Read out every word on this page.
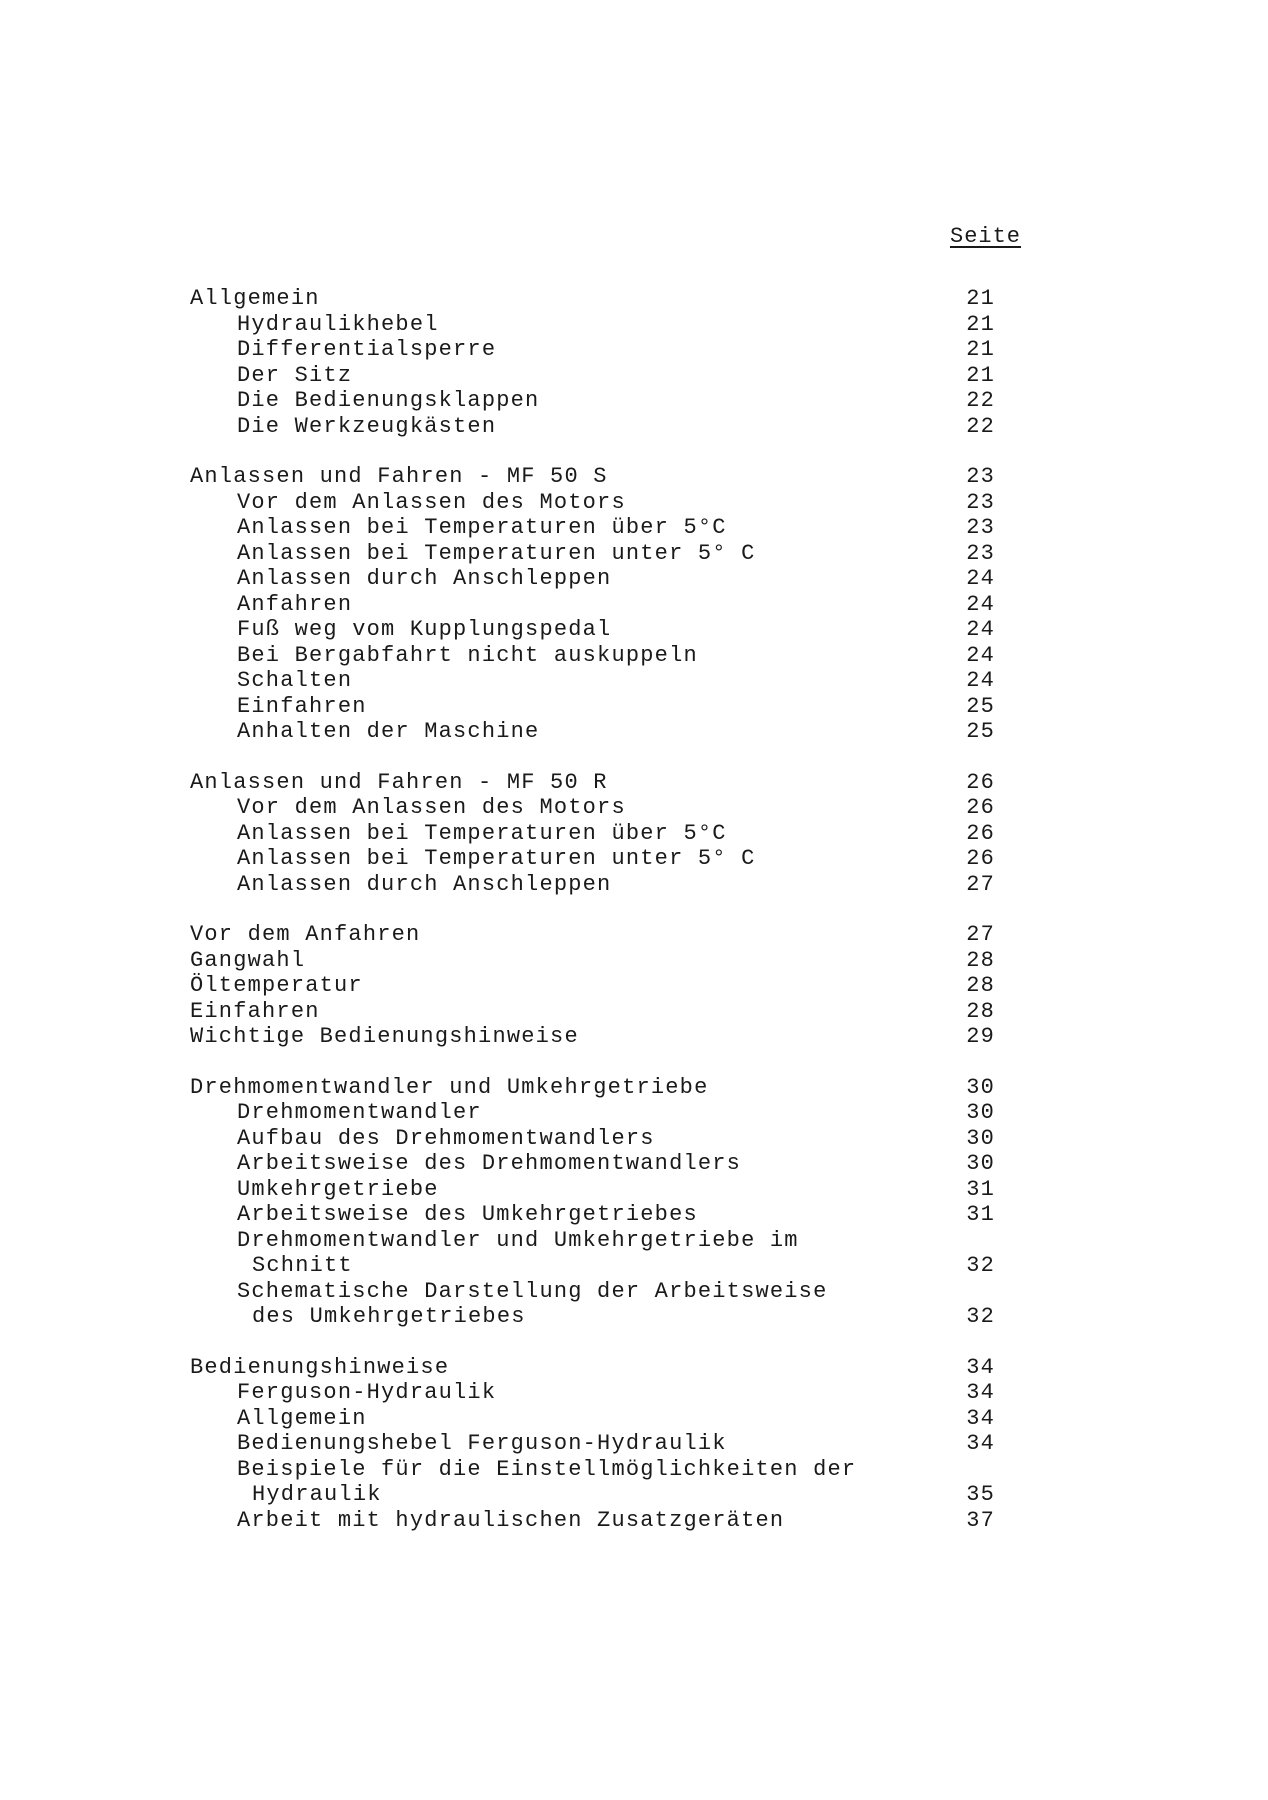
Seite
Allgemein	21
Hydraulikhebel	21
Differentialsperre	21
Der Sitz	21
Die Bedienungsklappen	22
Die Werkzeugkästen	22
Anlassen und Fahren - MF 50 S	23
Vor dem Anlassen des Motors	23
Anlassen bei Temperaturen über 5°C	23
Anlassen bei Temperaturen unter 5° C	23
Anlassen durch Anschleppen	24
Anfahren	24
Fuß weg vom Kupplungspedal	24
Bei Bergabfahrt nicht auskuppeln	24
Schalten	24
Einfahren	25
Anhalten der Maschine	25
Anlassen und Fahren - MF 50 R	26
Vor dem Anlassen des Motors	26
Anlassen bei Temperaturen über 5°C	26
Anlassen bei Temperaturen unter 5° C	26
Anlassen durch Anschleppen	27
Vor dem Anfahren	27
Gangwahl	28
Öltemperatur	28
Einfahren	28
Wichtige Bedienungshinweise	29
Drehmomentwandler und Umkehrgetriebe	30
Drehmomentwandler	30
Aufbau des Drehmomentwandlers	30
Arbeitsweise des Drehmomentwandlers	30
Umkehrgetriebe	31
Arbeitsweise des Umkehrgetriebes	31
Drehmomentwandler und Umkehrgetriebe im
Schnitt	32
Schematische Darstellung der Arbeitsweise
des Umkehrgetriebes	32
Bedienungshinweise	34
Ferguson-Hydraulik	34
Allgemein	34
Bedienungshebel Ferguson-Hydraulik	34
Beispiele für die Einstellmöglichkeiten der
Hydraulik	35
Arbeit mit hydraulischen Zusatzgeräten	37
